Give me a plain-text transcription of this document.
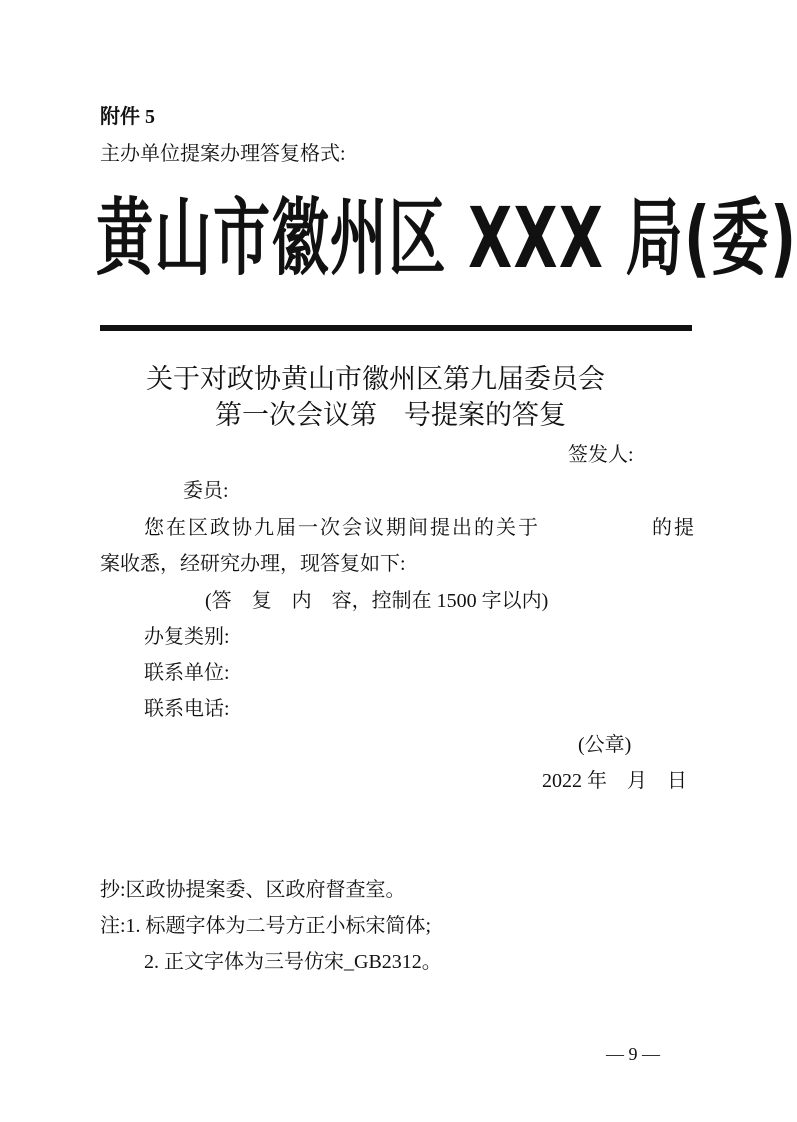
附件 5
主办单位提案办理答复格式:
黄山市徽州区 XXX 局(委)
关于对政协黄山市徽州区第九届委员会
第一次会议第　号提案的答复
签发人:
委员:
您在区政协九届一次会议期间提出的关于	的提
案收悉，经研究办理，现答复如下:
(答　复　内　容，控制在 1500 字以内)
办复类别:
联系单位:
联系电话:
(公章)
2022 年　月　日
抄:区政协提案委、区政府督查室。
注:1. 标题字体为二号方正小标宋简体;
2. 正文字体为三号仿宋_GB2312。
— 9 —
